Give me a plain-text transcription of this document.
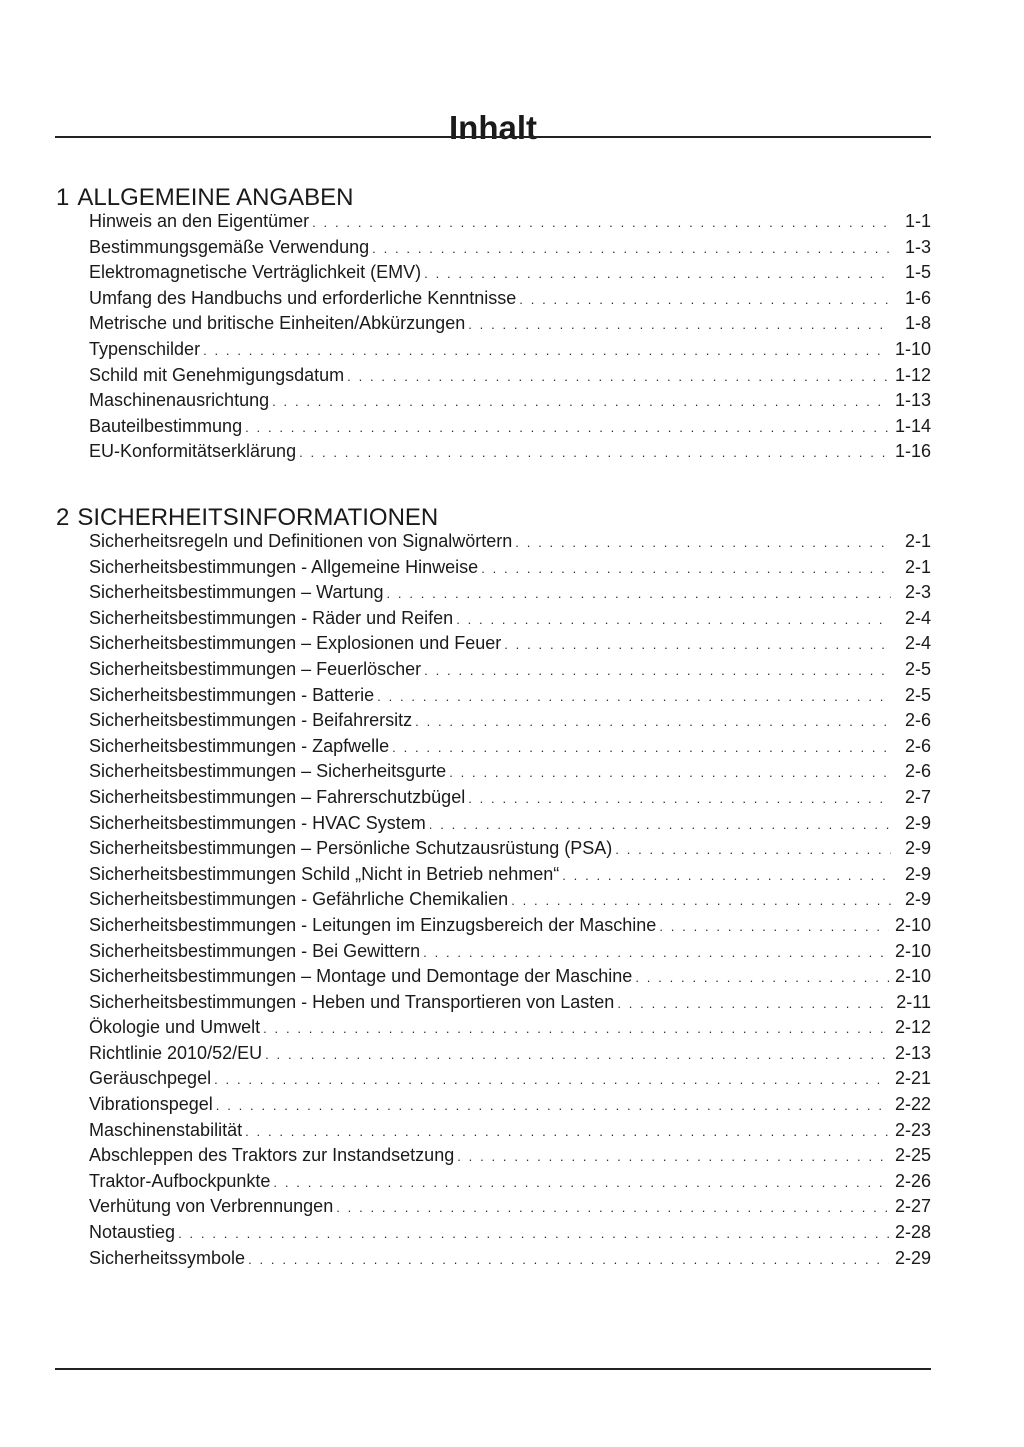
Inhalt
1 ALLGEMEINE ANGABEN
Hinweis an den Eigentümer . . .	1-1
Bestimmungsgemäße Verwendung . . .	1-3
Elektromagnetische Verträglichkeit (EMV) . . .	1-5
Umfang des Handbuchs und erforderliche Kenntnisse . . .	1-6
Metrische und britische Einheiten/Abkürzungen . . .	1-8
Typenschilder . . .	1-10
Schild mit Genehmigungsdatum . . .	1-12
Maschinenausrichtung . . .	1-13
Bauteilbestimmung . . .	1-14
EU-Konformitätserklärung . . .	1-16
2 SICHERHEITSINFORMATIONEN
Sicherheitsregeln und Definitionen von Signalwörtern . . .	2-1
Sicherheitsbestimmungen - Allgemeine Hinweise . . .	2-1
Sicherheitsbestimmungen – Wartung . . .	2-3
Sicherheitsbestimmungen - Räder und Reifen . . .	2-4
Sicherheitsbestimmungen – Explosionen und Feuer . . .	2-4
Sicherheitsbestimmungen – Feuerlöscher . . .	2-5
Sicherheitsbestimmungen - Batterie . . .	2-5
Sicherheitsbestimmungen - Beifahrersitz . . .	2-6
Sicherheitsbestimmungen - Zapfwelle . . .	2-6
Sicherheitsbestimmungen – Sicherheitsgurte . . .	2-6
Sicherheitsbestimmungen – Fahrerschutzbügel . . .	2-7
Sicherheitsbestimmungen - HVAC System . . .	2-9
Sicherheitsbestimmungen – Persönliche Schutzausrüstung (PSA) . . .	2-9
Sicherheitsbestimmungen Schild „Nicht in Betrieb nehmen“ . . .	2-9
Sicherheitsbestimmungen - Gefährliche Chemikalien . . .	2-9
Sicherheitsbestimmungen - Leitungen im Einzugsbereich der Maschine . . .	2-10
Sicherheitsbestimmungen - Bei Gewittern . . .	2-10
Sicherheitsbestimmungen – Montage und Demontage der Maschine . . .	2-10
Sicherheitsbestimmungen - Heben und Transportieren von Lasten . . .	2-11
Ökologie und Umwelt . . .	2-12
Richtlinie 2010/52/EU . . .	2-13
Geräuschpegel . . .	2-21
Vibrationspegel . . .	2-22
Maschinenstabilität . . .	2-23
Abschleppen des Traktors zur Instandsetzung . . .	2-25
Traktor-Aufbockpunkte . . .	2-26
Verhütung von Verbrennungen . . .	2-27
Notaustieg . . .	2-28
Sicherheitssymbole . . .	2-29
